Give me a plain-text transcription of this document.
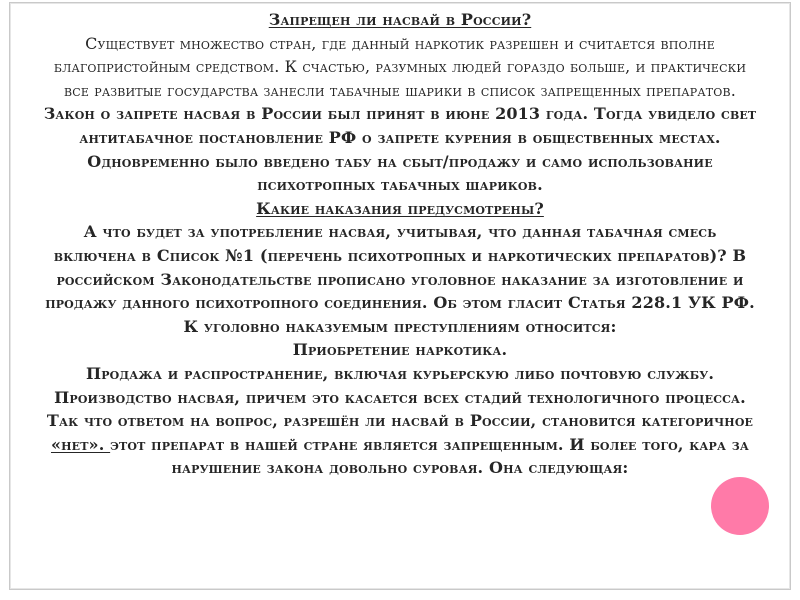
Запрещен ли насвай в России?
Существует множество стран, где данный наркотик разрешен и считается вполне
благопристойным средством. К счастью, разумных людей гораздо больше, и практически
все развитые государства занесли табачные шарики в список запрещенных препаратов.
Закон о запрете насвая в России был принят в июне 2013 года. Тогда увидело свет
антитабачное постановление РФ о запрете курения в общественных местах.
Одновременно было введено табу на сбыт/продажу и само использование
психотропных табачных шариков.
Какие наказания предусмотрены?
А что будет за употребление насвая, учитывая, что данная табачная смесь
включена в Список №1 (перечень психотропных и наркотических препаратов)? В
российском Законодательстве прописано уголовное наказание за изготовление и
продажу данного психотропного соединения. Об этом гласит Статья 228.1 УК РФ.
К уголовно наказуемым преступлениям относится:
Приобретение наркотика.
Продажа и распространение, включая курьерскую либо почтовую службу.
Производство насвая, причем это касается всех стадий технологичного процесса.
Так что ответом на вопрос, разрешён ли насвай в России, становится категоричное
«нет». этот препарат в нашей стране является запрещенным. И более того, кара за
нарушение закона довольно суровая. Она следующая:
